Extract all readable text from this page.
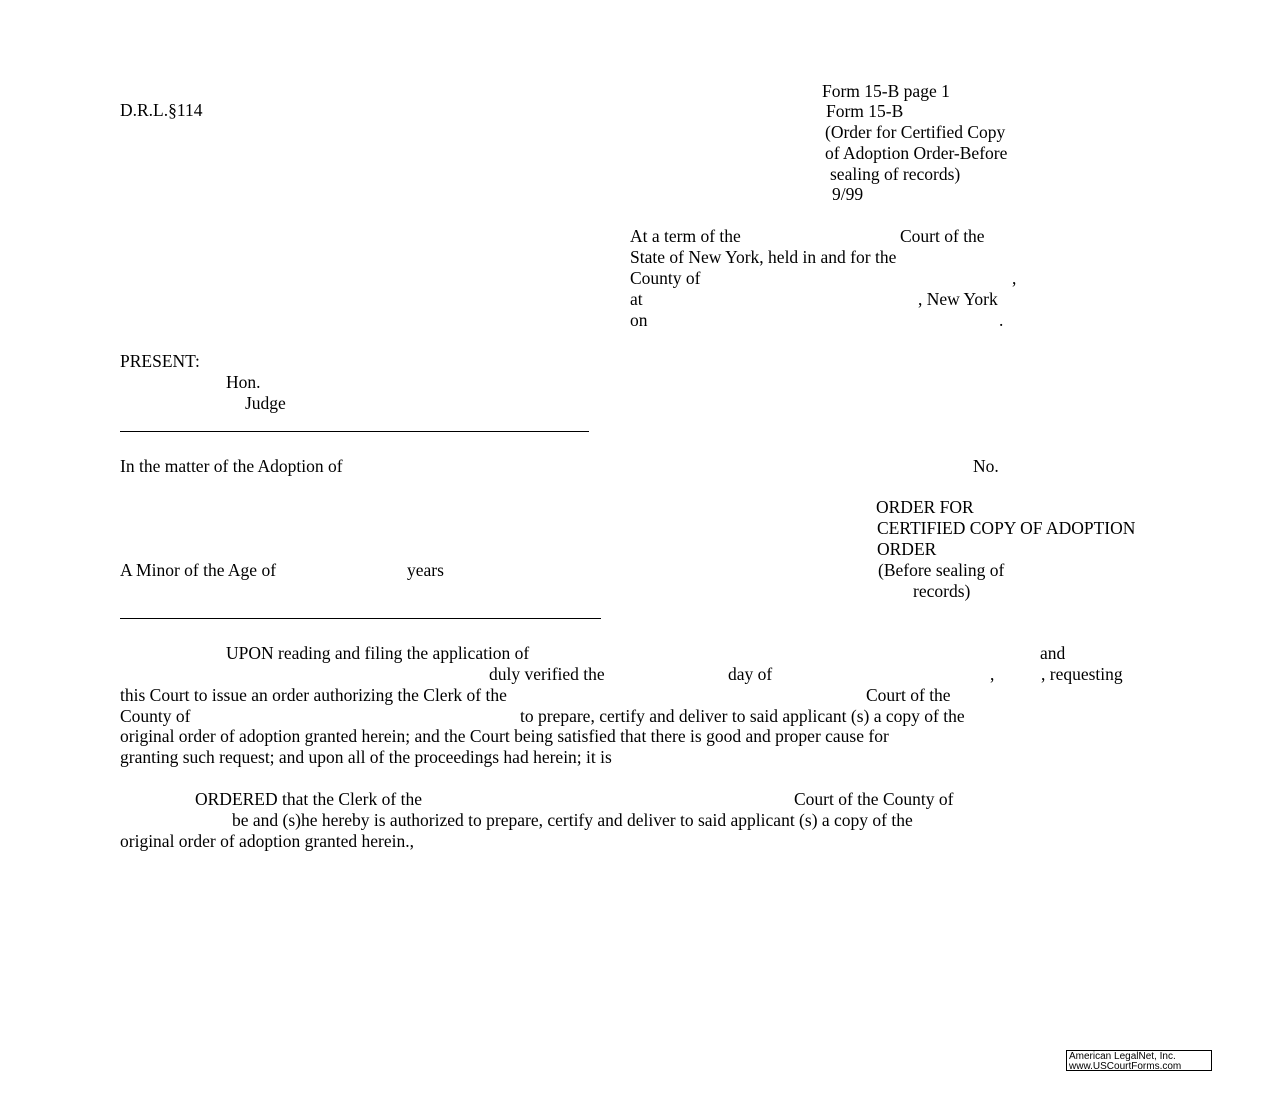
D.R.L.§114
Form 15-B page 1
Form 15-B
(Order for Certified Copy
of Adoption Order-Before
sealing of records)
9/99
At a term of the	Court of the
State of New York, held in and for the
County of	,
at	, New York
on	.
PRESENT:
Hon.
Judge
In the matter of the Adoption of	No.
ORDER FOR
CERTIFIED COPY OF ADOPTION
ORDER
A Minor of the Age of	years	(Before sealing of
records)
UPON reading and filing the application of	and
duly verified the	day of	,	, requesting
this Court to issue an order authorizing the Clerk of the	Court of the
County of	to prepare, certify and deliver to said applicant (s) a copy of the
original order of adoption granted herein; and the Court being satisfied that there is good and proper cause for
granting such request; and upon all of the proceedings had herein; it is
ORDERED that the Clerk of the	Court of the County of
be and (s)he hereby is authorized to prepare, certify and deliver to said applicant (s) a copy of the
original order of adoption granted herein.,
American LegalNet, Inc.
www.USCourtForms.com
